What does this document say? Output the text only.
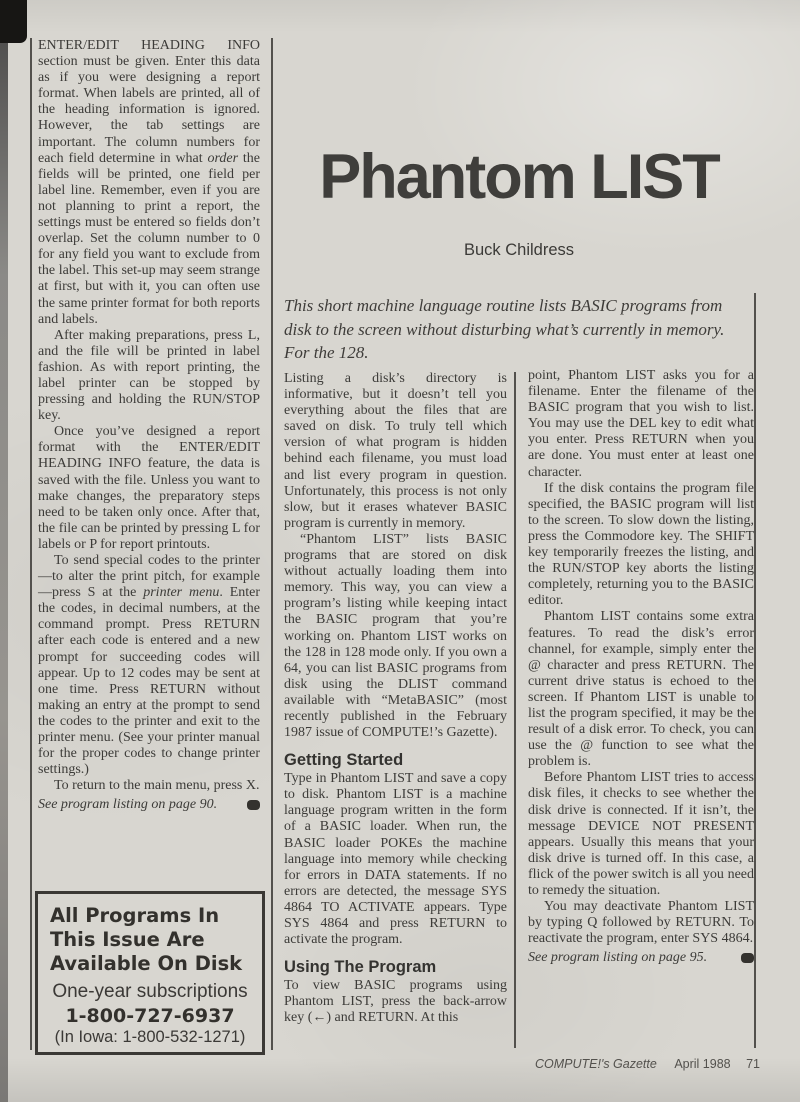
ENTER/EDIT HEADING INFO section must be given. Enter this data as if you were designing a report format. When labels are printed, all of the heading information is ignored. However, the tab settings are important. The column numbers for each field determine in what order the fields will be printed, one field per label line. Remember, even if you are not planning to print a report, the settings must be entered so fields don’t overlap. Set the column number to 0 for any field you want to exclude from the label. This set-up may seem strange at first, but with it, you can often use the same printer format for both reports and labels.

After making preparations, press L, and the file will be printed in label fashion. As with report printing, the label printer can be stopped by pressing and holding the RUN/STOP key.

Once you’ve designed a report format with the ENTER/EDIT HEADING INFO feature, the data is saved with the file. Unless you want to make changes, the preparatory steps need to be taken only once. After that, the file can be printed by pressing L for labels or P for report printouts.

To send special codes to the printer—to alter the print pitch, for example—press S at the printer menu. Enter the codes, in decimal numbers, at the command prompt. Press RETURN after each code is entered and a new prompt for succeeding codes will appear. Up to 12 codes may be sent at one time. Press RETURN without making an entry at the prompt to send the codes to the printer and exit to the printer menu. (See your printer manual for the proper codes to change printer settings.)

To return to the main menu, press X.

See program listing on page 90.

All Programs In This Issue Are Available On Disk

One-year subscriptions
1-800-727-6937
(In Iowa: 1-800-532-1271)
Phantom LIST
Buck Childress
This short machine language routine lists BASIC programs from disk to the screen without disturbing what’s currently in memory. For the 128.

Listing a disk’s directory is informative, but it doesn’t tell you everything about the files that are saved on disk. To truly tell which version of what program is hidden behind each filename, you must load and list every program in question. Unfortunately, this process is not only slow, but it erases whatever BASIC program is currently in memory.

“Phantom LIST” lists BASIC programs that are stored on disk without actually loading them into memory. This way, you can view a program’s listing while keeping intact the BASIC program that you’re working on. Phantom LIST works on the 128 in 128 mode only. If you own a 64, you can list BASIC programs from disk using the DLIST command available with “MetaBASIC” (most recently published in the February 1987 issue of COMPUTE!’s Gazette).

Getting Started

Type in Phantom LIST and save a copy to disk. Phantom LIST is a machine language program written in the form of a BASIC loader. When run, the BASIC loader POKEs the machine language into memory while checking for errors in DATA statements. If no errors are detected, the message SYS 4864 TO ACTIVATE appears. Type SYS 4864 and press RETURN to activate the program.

Using The Program

To view BASIC programs using Phantom LIST, press the back-arrow key (←) and RETURN. At this

point, Phantom LIST asks you for a filename. Enter the filename of the BASIC program that you wish to list. You may use the DEL key to edit what you enter. Press RETURN when you are done. You must enter at least one character.

If the disk contains the program file specified, the BASIC program will list to the screen. To slow down the listing, press the Commodore key. The SHIFT key temporarily freezes the listing, and the RUN/STOP key aborts the listing completely, returning you to the BASIC editor.

Phantom LIST contains some extra features. To read the disk’s error channel, for example, simply enter the @ character and press RETURN. The current drive status is echoed to the screen. If Phantom LIST is unable to list the program specified, it may be the result of a disk error. To check, you can use the @ function to see what the problem is.

Before Phantom LIST tries to access disk files, it checks to see whether the disk drive is connected. If it isn’t, the message DEVICE NOT PRESENT appears. Usually this means that your disk drive is turned off. In this case, a flick of the power switch is all you need to remedy the situation.

You may deactivate Phantom LIST by typing Q followed by RETURN. To reactivate the program, enter SYS 4864.

See program listing on page 95.
COMPUTE!'s Gazette April 1988 71
